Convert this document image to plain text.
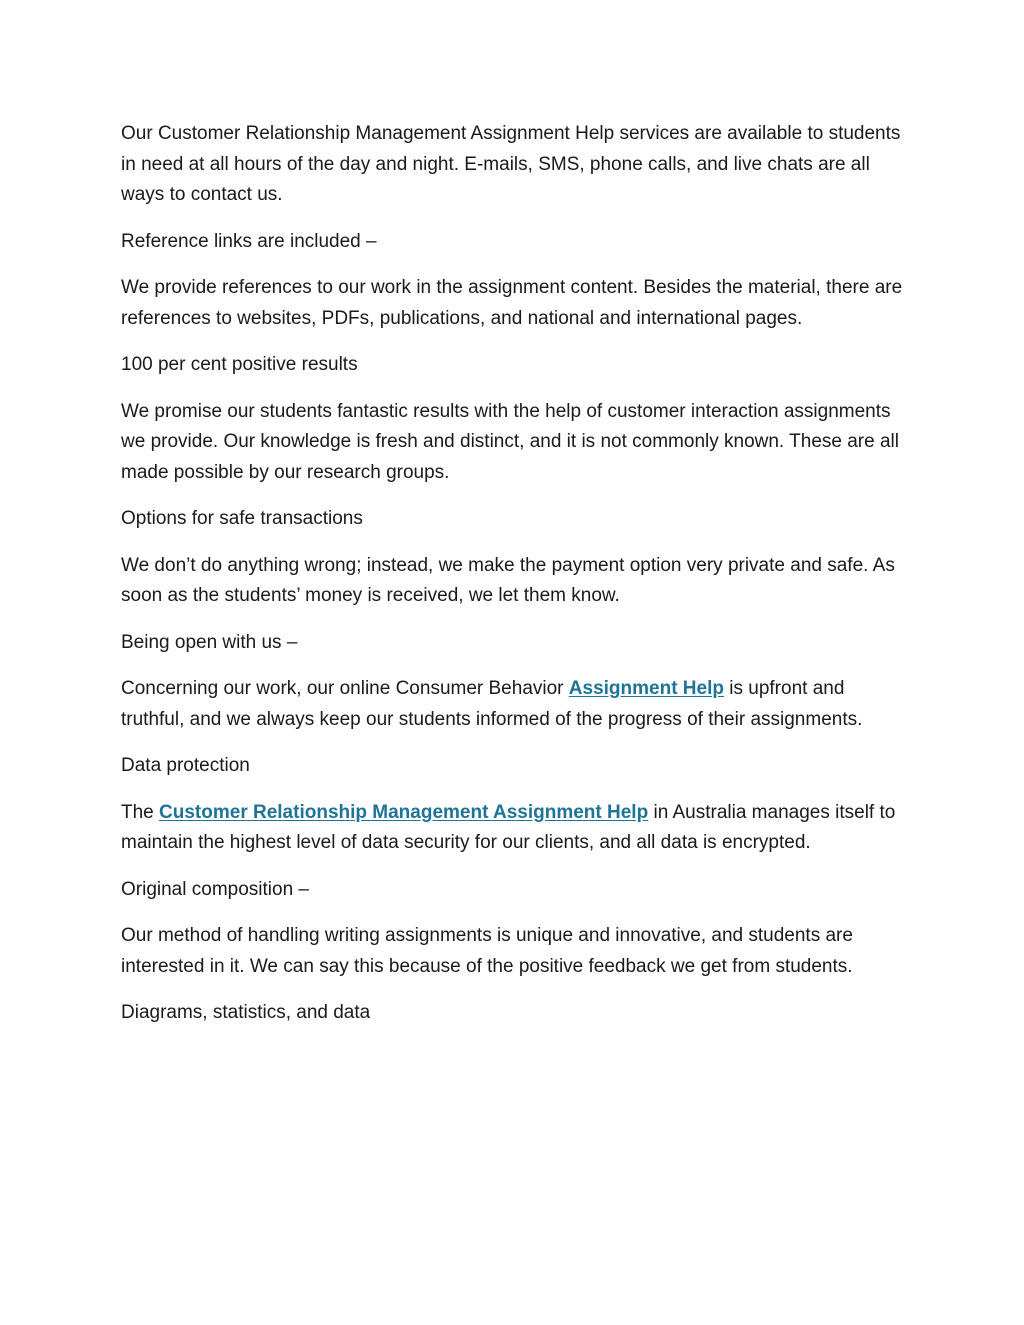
Our Customer Relationship Management Assignment Help services are available to students in need at all hours of the day and night. E-mails, SMS, phone calls, and live chats are all ways to contact us.

Reference links are included –

We provide references to our work in the assignment content. Besides the material, there are references to websites, PDFs, publications, and national and international pages.

100 per cent positive results

We promise our students fantastic results with the help of customer interaction assignments we provide. Our knowledge is fresh and distinct, and it is not commonly known. These are all made possible by our research groups.

Options for safe transactions

We don’t do anything wrong; instead, we make the payment option very private and safe. As soon as the students’ money is received, we let them know.

Being open with us –

Concerning our work, our online Consumer Behavior Assignment Help is upfront and truthful, and we always keep our students informed of the progress of their assignments.

Data protection

The Customer Relationship Management Assignment Help in Australia manages itself to maintain the highest level of data security for our clients, and all data is encrypted.

Original composition –

Our method of handling writing assignments is unique and innovative, and students are interested in it. We can say this because of the positive feedback we get from students.

Diagrams, statistics, and data
